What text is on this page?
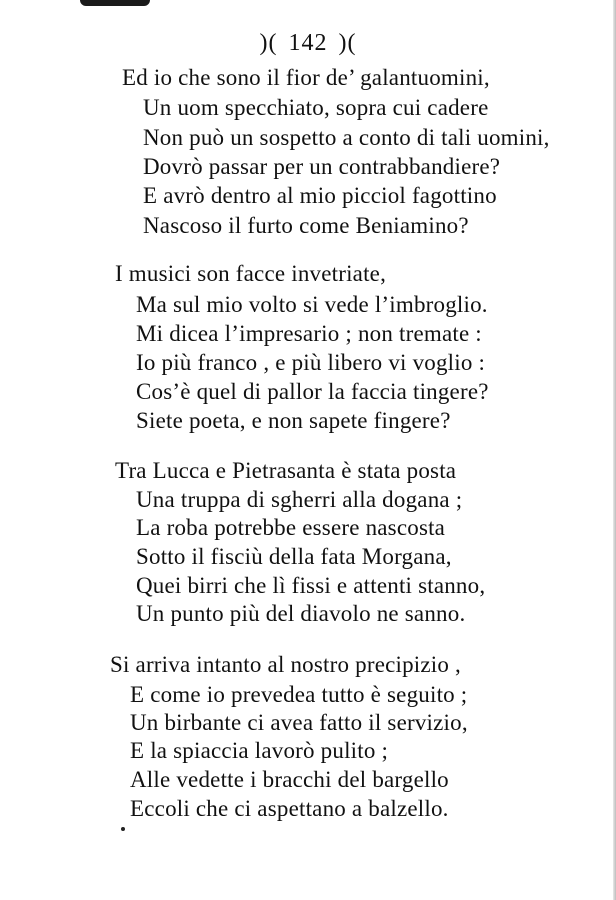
)( 142 )(
Ed io che sono il fior de’ galantuomini,
Un uom specchiato, sopra cui cadere
Non può un sospetto a conto di tali uomini,
Dovrò passar per un contrabbandiere?
E avrò dentro al mio picciol fagottino
Nascoso il furto come Beniamino?
I musici son facce invetriate,
Ma sul mio volto si vede l’imbroglio.
Mi dicea l’impresario ; non tremate :
Io più franco , e più libero vi voglio :
Cos’è quel di pallor la faccia tingere?
Siete poeta, e non sapete fingere?
Tra Lucca e Pietrasanta è stata posta
Una truppa di sgherri alla dogana ;
La roba potrebbe essere nascosta
Sotto il fisciù della fata Morgana,
Quei birri che lì fissi e attenti stanno,
Un punto più del diavolo ne sanno.
Si arriva intanto al nostro precipizio ,
E come io prevedea tutto è seguito ;
Un birbante ci avea fatto il servizio,
E la spiaccia lavorò pulito ;
Alle vedette i bracchi del bargello
Eccoli che ci aspettano a balzello.
